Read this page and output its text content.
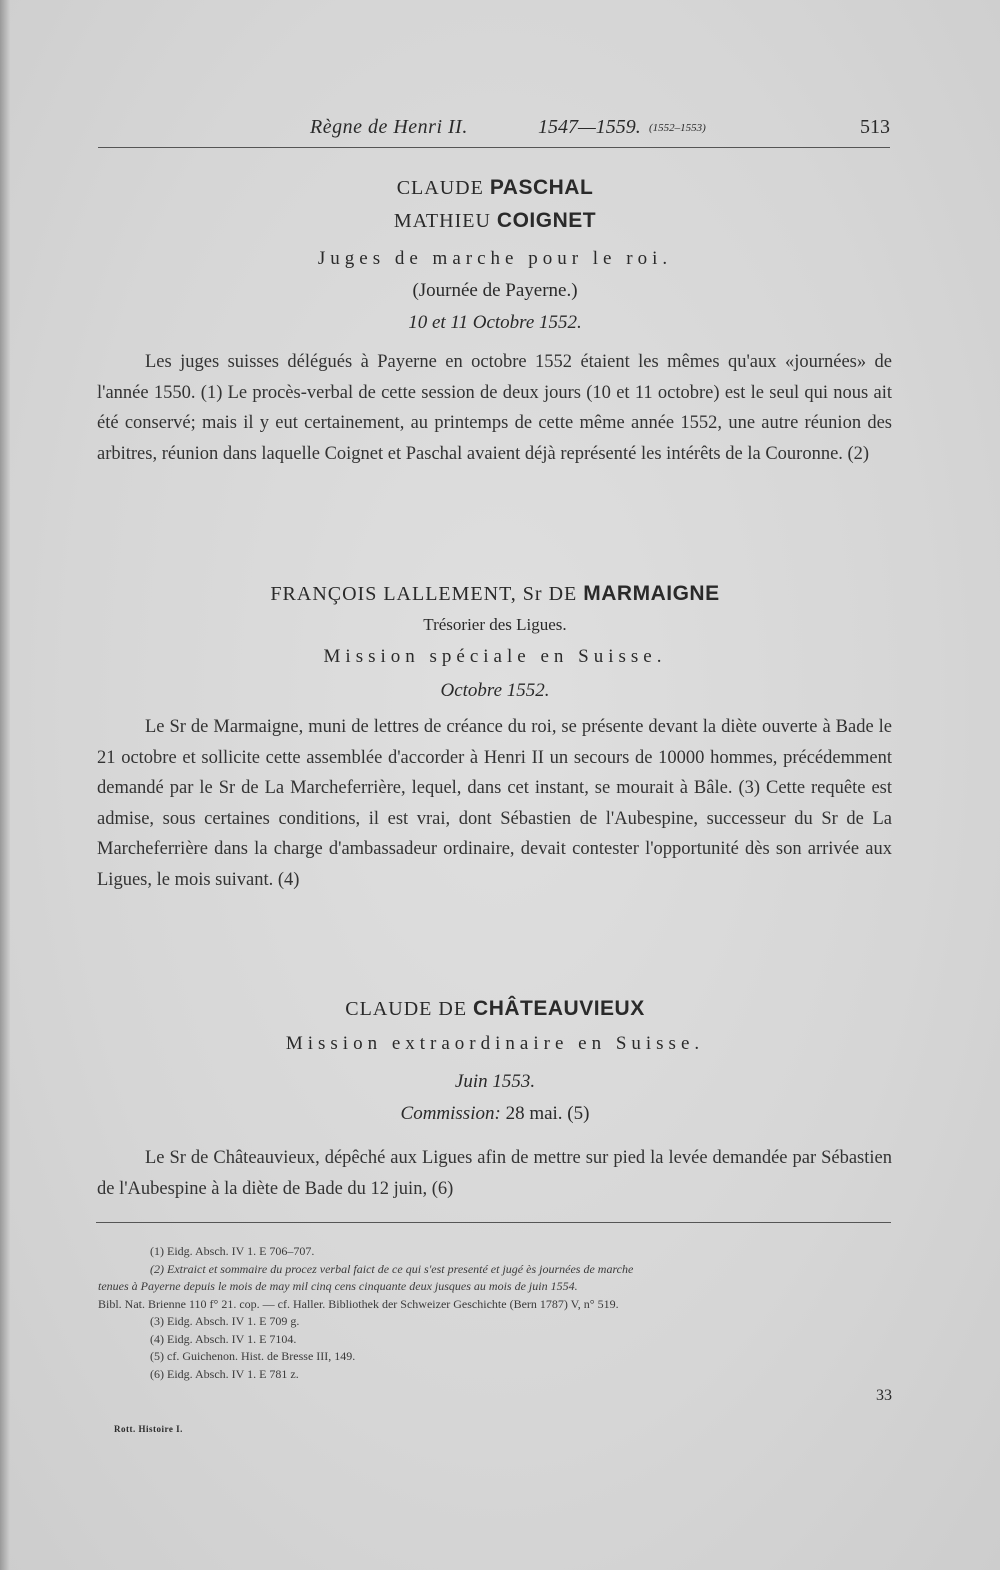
Règne de Henri II.	1547—1559. (1552–1553)	513
CLAUDE PASCHAL
MATHIEU COIGNET
Juges de marche pour le roi.
(Journée de Payerne.)
10 et 11 Octobre 1552.

Les juges suisses délégués à Payerne en octobre 1552 étaient les mêmes qu'aux «journées» de l'année 1550. (1) Le procès-verbal de cette session de deux jours (10 et 11 octobre) est le seul qui nous ait été conservé; mais il y eut certainement, au printemps de cette même année 1552, une autre réunion des arbitres, réunion dans laquelle Coignet et Paschal avaient déjà représenté les intérêts de la Couronne. (2)

FRANÇOIS LALLEMENT, Sr DE MARMAIGNE
Trésorier des Ligues.
Mission spéciale en Suisse.
Octobre 1552.

Le Sr de Marmaigne, muni de lettres de créance du roi, se présente devant la diète ouverte à Bade le 21 octobre et sollicite cette assemblée d'accorder à Henri II un secours de 10000 hommes, précédemment demandé par le Sr de La Marcheferrière, lequel, dans cet instant, se mourait à Bâle. (3) Cette requête est admise, sous certaines conditions, il est vrai, dont Sébastien de l'Aubespine, successeur du Sr de La Marcheferrière dans la charge d'ambassadeur ordinaire, devait contester l'opportunité dès son arrivée aux Ligues, le mois suivant. (4)

CLAUDE DE CHÂTEAUVIEUX
Mission extraordinaire en Suisse.
Juin 1553.
Commission: 28 mai. (5)

Le Sr de Châteauvieux, dépêché aux Ligues afin de mettre sur pied la levée demandée par Sébastien de l'Aubespine à la diète de Bade du 12 juin, (6)

(1) Eidg. Absch. IV 1. E 706–707.
(2) Extraict et sommaire du procez verbal faict de ce qui s'est presenté et jugé ès journées de marche
tenues à Payerne depuis le mois de may mil cinq cens cinquante deux jusques au mois de juin 1554.
Bibl. Nat. Brienne 110 f° 21. cop. — cf. Haller. Bibliothek der Schweizer Geschichte (Bern 1787) V, n° 519.
(3) Eidg. Absch. IV 1. E 709 g.
(4) Eidg. Absch. IV 1. E 7104.
(5) cf. Guichenon. Hist. de Bresse III, 149.
(6) Eidg. Absch. IV 1. E 781 z.
33
Rott. Histoire I.
